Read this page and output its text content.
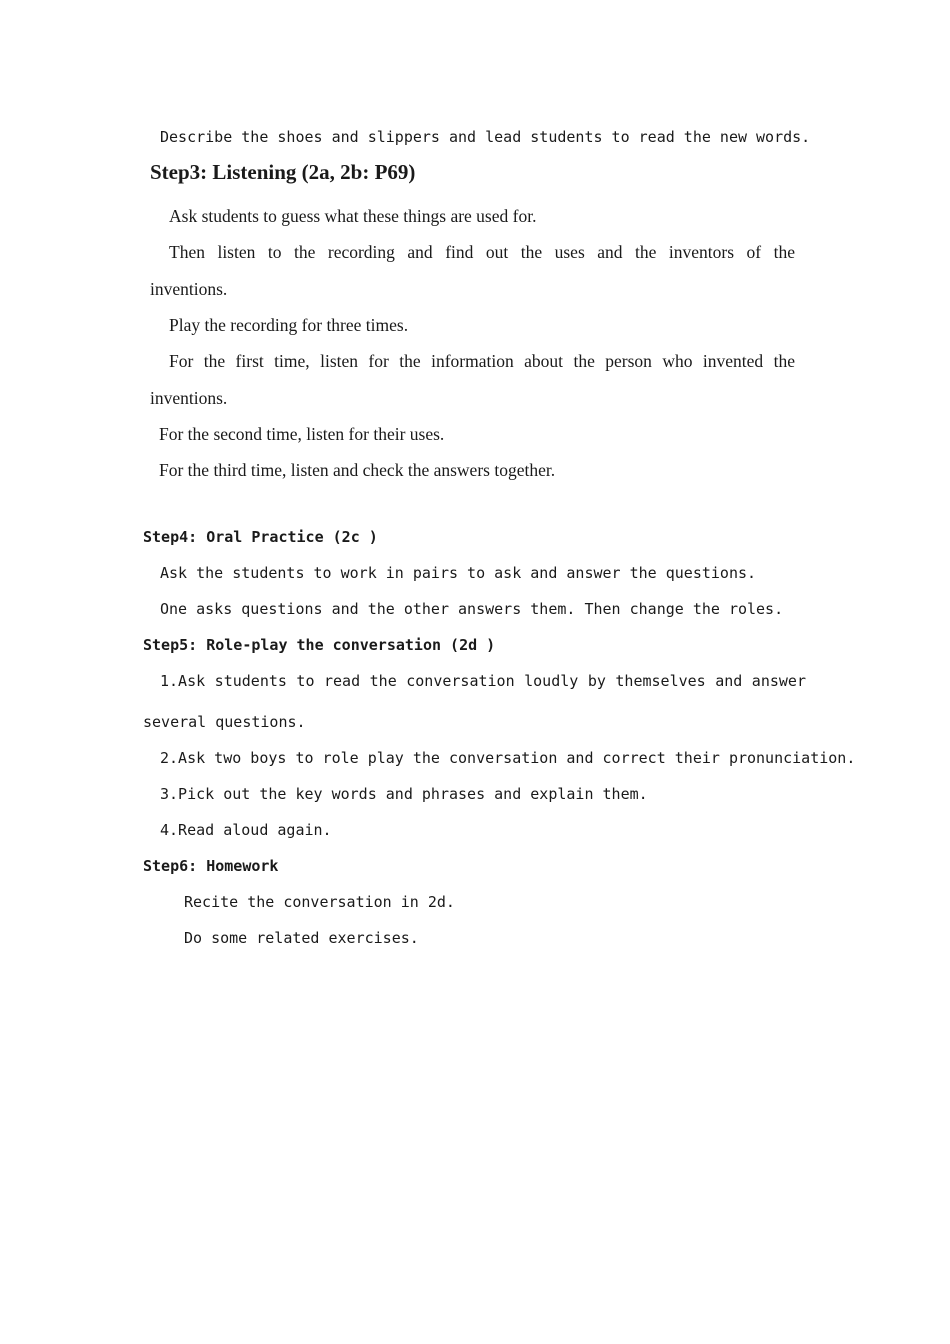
Describe the shoes and slippers and lead students to read the new words.

Step3: Listening (2a, 2b: P69)

Ask students to guess what these things are used for.

Then listen to the recording and find out the uses and the inventors of the

inventions.

Play the recording for three times.

For the first time, listen for the information about the person who invented the

inventions.

For the second time, listen for their uses.

For the third time, listen and check the answers together.

Step4: Oral Practice (2c )

Ask the students to work in pairs to ask and answer the questions.

One asks questions and the other answers them. Then change the roles.

Step5: Role-play the conversation (2d )

1.Ask students to read the conversation loudly by themselves and answer

several questions.

2.Ask two boys to role play the conversation and correct their pronunciation.

3.Pick out the key words and phrases and explain them.

4.Read aloud again.

Step6: Homework

Recite the conversation in 2d.

Do some related exercises.
